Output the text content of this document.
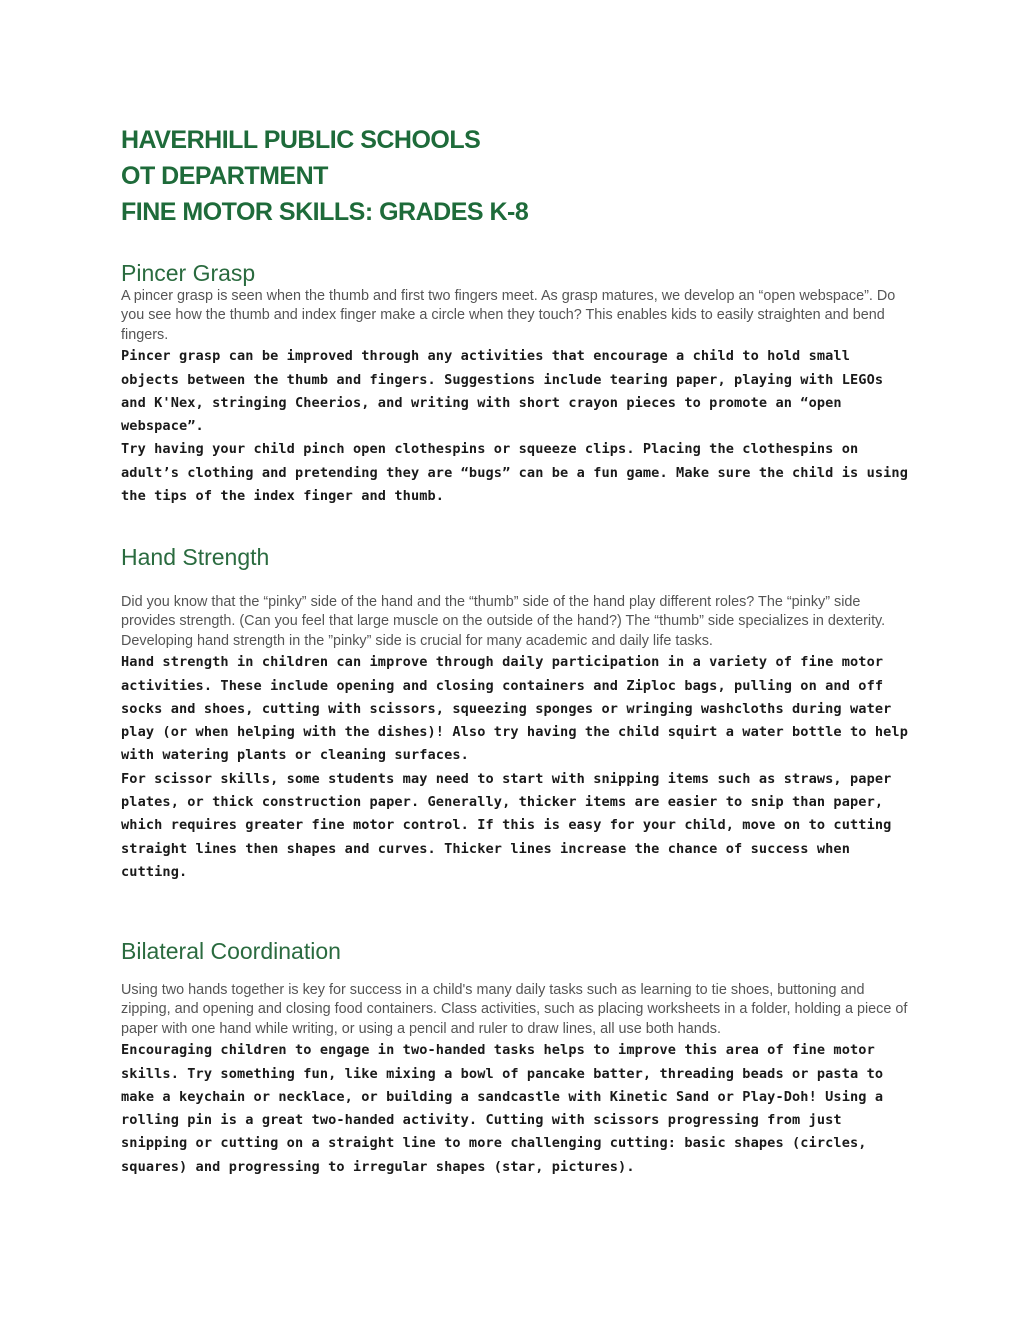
HAVERHILL PUBLIC SCHOOLS
OT DEPARTMENT
FINE MOTOR SKILLS: GRADES K-8
Pincer Grasp

A pincer grasp is seen when the thumb and first two fingers meet. As grasp matures, we develop an “open webspace”. Do you see how the thumb and index finger make a circle when they touch? This enables kids to easily straighten and bend fingers.

Pincer grasp can be improved through any activities that encourage a child to hold small objects between the thumb and fingers. Suggestions include tearing paper, playing with LEGOs and K'Nex, stringing Cheerios, and writing with short crayon pieces to promote an “open webspace”.

Try having your child pinch open clothespins or squeeze clips. Placing the clothespins on adult’s clothing and pretending they are “bugs” can be a fun game. Make sure the child is using the tips of the index finger and thumb.

Hand Strength

Did you know that the “pinky” side of the hand and the “thumb” side of the hand play different roles? The “pinky” side provides strength. (Can you feel that large muscle on the outside of the hand?) The “thumb” side specializes in dexterity. Developing hand strength in the ”pinky” side is crucial for many academic and daily life tasks.

Hand strength in children can improve through daily participation in a variety of fine motor activities. These include opening and closing containers and Ziploc bags, pulling on and off socks and shoes, cutting with scissors, squeezing sponges or wringing washcloths during water play (or when helping with the dishes)! Also try having the child squirt a water bottle to help with watering plants or cleaning surfaces.

For scissor skills, some students may need to start with snipping items such as straws, paper plates, or thick construction paper. Generally, thicker items are easier to snip than paper, which requires greater fine motor control. If this is easy for your child, move on to cutting straight lines then shapes and curves. Thicker lines increase the chance of success when cutting.

Bilateral Coordination

Using two hands together is key for success in a child's many daily tasks such as learning to tie shoes, buttoning and zipping, and opening and closing food containers. Class activities, such as placing worksheets in a folder, holding a piece of paper with one hand while writing, or using a pencil and ruler to draw lines, all use both hands.

Encouraging children to engage in two-handed tasks helps to improve this area of fine motor skills. Try something fun, like mixing a bowl of pancake batter, threading beads or pasta to make a keychain or necklace, or building a sandcastle with Kinetic Sand or Play-Doh! Using a rolling pin is a great two-handed activity. Cutting with scissors progressing from just snipping or cutting on a straight line to more challenging cutting: basic shapes (circles, squares) and progressing to irregular shapes (star, pictures).
